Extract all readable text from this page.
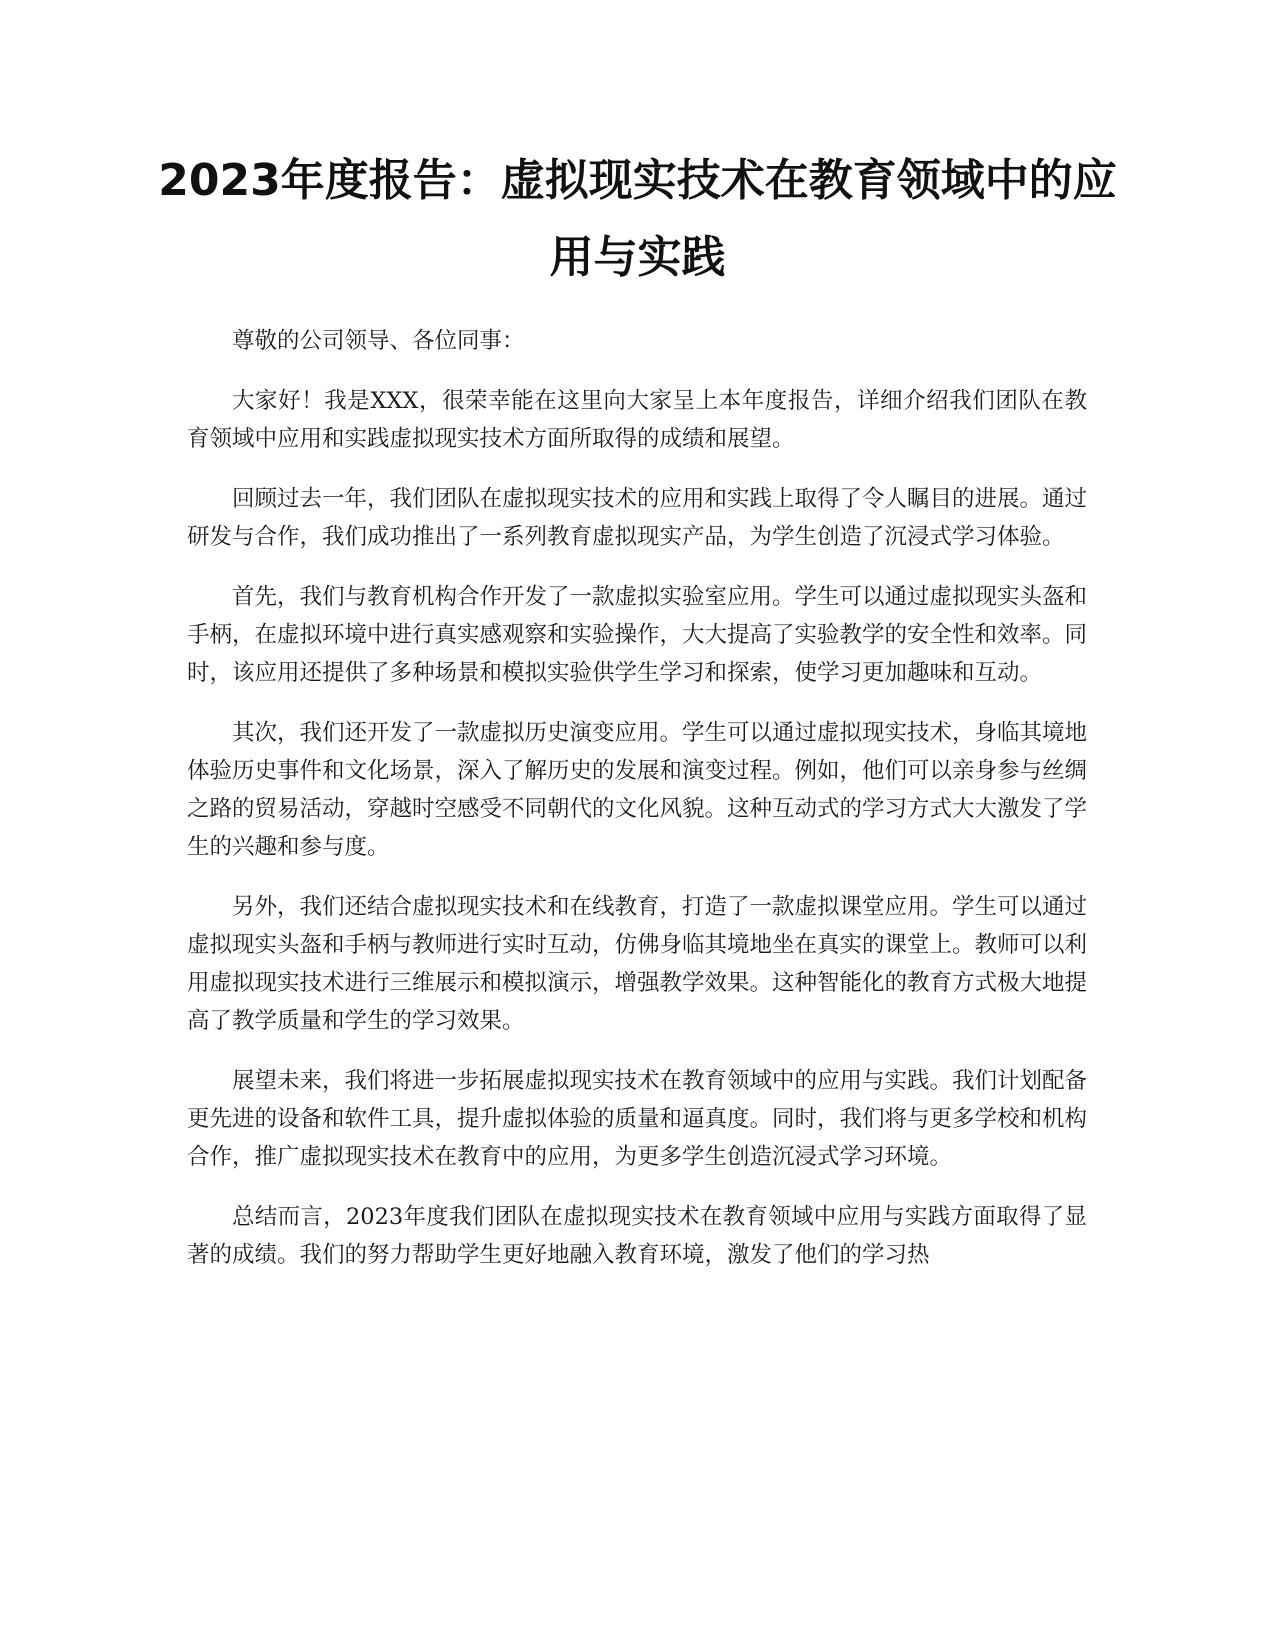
2023年度报告：虚拟现实技术在教育领域中的应用与实践

尊敬的公司领导、各位同事：

大家好！我是XXX，很荣幸能在这里向大家呈上本年度报告，详细介绍我们团队在教育领域中应用和实践虚拟现实技术方面所取得的成绩和展望。

回顾过去一年，我们团队在虚拟现实技术的应用和实践上取得了令人瞩目的进展。通过研发与合作，我们成功推出了一系列教育虚拟现实产品，为学生创造了沉浸式学习体验。

首先，我们与教育机构合作开发了一款虚拟实验室应用。学生可以通过虚拟现实头盔和手柄，在虚拟环境中进行真实感观察和实验操作，大大提高了实验教学的安全性和效率。同时，该应用还提供了多种场景和模拟实验供学生学习和探索，使学习更加趣味和互动。

其次，我们还开发了一款虚拟历史演变应用。学生可以通过虚拟现实技术，身临其境地体验历史事件和文化场景，深入了解历史的发展和演变过程。例如，他们可以亲身参与丝绸之路的贸易活动，穿越时空感受不同朝代的文化风貌。这种互动式的学习方式大大激发了学生的兴趣和参与度。

另外，我们还结合虚拟现实技术和在线教育，打造了一款虚拟课堂应用。学生可以通过虚拟现实头盔和手柄与教师进行实时互动，仿佛身临其境地坐在真实的课堂上。教师可以利用虚拟现实技术进行三维展示和模拟演示，增强教学效果。这种智能化的教育方式极大地提高了教学质量和学生的学习效果。

展望未来，我们将进一步拓展虚拟现实技术在教育领域中的应用与实践。我们计划配备更先进的设备和软件工具，提升虚拟体验的质量和逼真度。同时，我们将与更多学校和机构合作，推广虚拟现实技术在教育中的应用，为更多学生创造沉浸式学习环境。

总结而言，2023年度我们团队在虚拟现实技术在教育领域中应用与实践方面取得了显著的成绩。我们的努力帮助学生更好地融入教育环境，激发了他们的学习热
